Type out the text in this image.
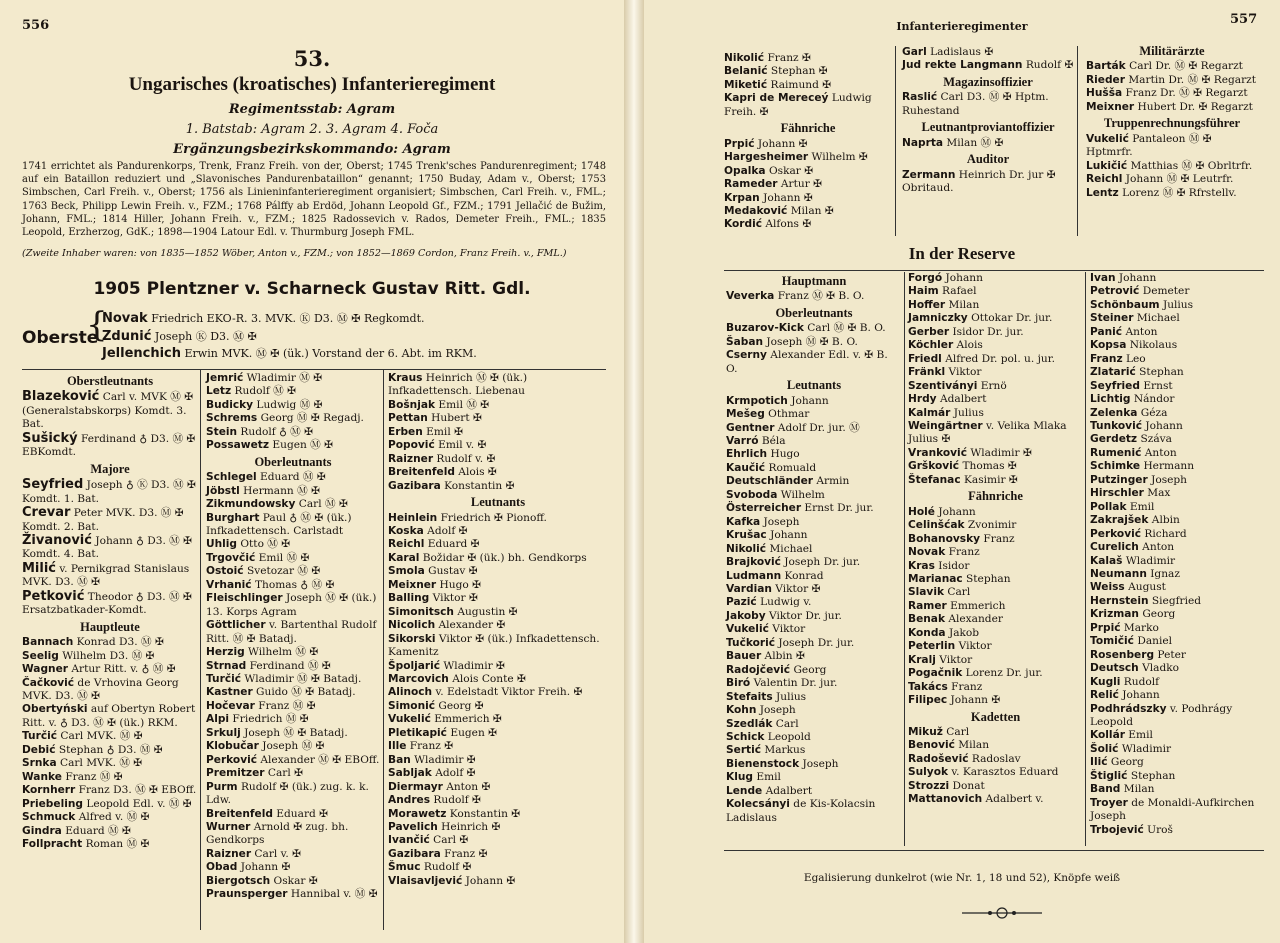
556
53.
Ungarisches (kroatisches) Infanterieregiment
Regimentsstab: Agram
1. Batstab: Agram 2. 3. Agram 4. Foča
Ergänzungsbezirkskommando: Agram
1741 errichtet als Pandurenkorps, Trenk, Franz Freih. von der, Oberst; 1745 Trenk'sches Pandurenregiment; 1748 auf ein Bataillon reduziert und „Slavonisches Pandurenbataillon“ genannt; 1750 Buday, Adam v., Oberst; 1753 Simbschen, Carl Freih. v., Oberst; 1756 als Linieninfanterieregiment organisiert; Simbschen, Carl Freih. v., FML.; 1763 Beck, Philipp Lewin Freih. v., FZM.; 1768 Pálffy ab Erdöd, Johann Leopold Gf., FZM.; 1791 Jellačić de Bužim, Johann, FML.; 1814 Hiller, Johann Freih. v., FZM.; 1825 Radossevich v. Rados, Demeter Freih., FML.; 1835 Leopold, Erzherzog, GdK.; 1898—1904 Latour Edl. v. Thurmburg Joseph FML.
(Zweite Inhaber waren: von 1835—1852 Wöber, Anton v., FZM.; von 1852—1869 Cordon, Franz Freih. v., FML.)
1905 Plentzner v. Scharneck Gustav Ritt. Gdl.
Oberste
{
Novak Friedrich EKO-R. 3. MVK. Ⓚ D3. Ⓜ ✠ Regkomdt.
Zdunić Joseph Ⓚ D3. Ⓜ ✠
Jellenchich Erwin MVK. Ⓜ ✠ (ük.) Vorstand der 6. Abt. im RKM.
Oberstleutnants
Blazeković Carl v. MVK Ⓜ ✠ (Generalstabskorps) Komdt. 3. Bat.
Sušický Ferdinand ♁ D3. Ⓜ ✠ EBKomdt.
Majore
Seyfried Joseph ♁ Ⓚ D3. Ⓜ ✠ Komdt. 1. Bat.
Crevar Peter MVK. D3. Ⓜ ✠ Komdt. 2. Bat.
Živanović Johann ♁ D3. Ⓜ ✠ Komdt. 4. Bat.
Milić v. Pernikgrad Stanislaus MVK. D3. Ⓜ ✠
Petković Theodor ♁ D3. Ⓜ ✠ Ersatzbatkader-Komdt.
Hauptleute
Bannach Konrad D3. Ⓜ ✠
Seelig Wilhelm D3. Ⓜ ✠
Wagner Artur Ritt. v. ♁ Ⓜ ✠
Čačković de Vrhovina Georg MVK. D3. Ⓜ ✠
Obertyński auf Obertyn Robert Ritt. v. ♁ D3. Ⓜ ✠ (ük.) RKM.
Turčić Carl MVK. Ⓜ ✠
Debić Stephan ♁ D3. Ⓜ ✠
Srnka Carl MVK. Ⓜ ✠
Wanke Franz Ⓜ ✠
Kornherr Franz D3. Ⓜ ✠ EBOff.
Priebeling Leopold Edl. v. Ⓜ ✠
Schmuck Alfred v. Ⓜ ✠
Gindra Eduard Ⓜ ✠
Follpracht Roman Ⓜ ✠
Jemrić Wladimir Ⓜ ✠
Letz Rudolf Ⓜ ✠
Budicky Ludwig Ⓜ ✠
Schrems Georg Ⓜ ✠ Regadj.
Stein Rudolf ♁ Ⓜ ✠
Possawetz Eugen Ⓜ ✠
Oberleutnants
Schlegel Eduard Ⓜ ✠
Jöbstl Hermann Ⓜ ✠
Zikmundowsky Carl Ⓜ ✠
Burghart Paul ♁ Ⓜ ✠ (ük.) Infkadettensch. Carlstadt
Uhlig Otto Ⓜ ✠
Trgovčić Emil Ⓜ ✠
Ostoić Svetozar Ⓜ ✠
Vrhanić Thomas ♁ Ⓜ ✠
Fleischlinger Joseph Ⓜ ✠ (ük.) 13. Korps Agram
Göttlicher v. Bartenthal Rudolf Ritt. Ⓜ ✠ Batadj.
Herzig Wilhelm Ⓜ ✠
Strnad Ferdinand Ⓜ ✠
Turčić Wladimir Ⓜ ✠ Batadj.
Kastner Guido Ⓜ ✠ Batadj.
Hočevar Franz Ⓜ ✠
Alpi Friedrich Ⓜ ✠
Srkulj Joseph Ⓜ ✠ Batadj.
Klobučar Joseph Ⓜ ✠
Perković Alexander Ⓜ ✠ EBOff.
Premitzer Carl ✠
Purm Rudolf ✠ (ük.) zug. k. k. Ldw.
Breitenfeld Eduard ✠
Wurner Arnold ✠ zug. bh. Gendkorps
Raizner Carl v. ✠
Obad Johann ✠
Biergotsch Oskar ✠
Praunsperger Hannibal v. Ⓜ ✠
Kraus Heinrich Ⓜ ✠ (ük.) Infkadettensch. Liebenau
Bošnjak Emil Ⓜ ✠
Pettan Hubert ✠
Erben Emil ✠
Popović Emil v. ✠
Raizner Rudolf v. ✠
Breitenfeld Alois ✠
Gazibara Konstantin ✠
Leutnants
Heinlein Friedrich ✠ Pionoff.
Koska Adolf ✠
Reichl Eduard ✠
Karal Božidar ✠ (ük.) bh. Gendkorps
Smola Gustav ✠
Meixner Hugo ✠
Balling Viktor ✠
Simonitsch Augustin ✠
Nicolich Alexander ✠
Sikorski Viktor ✠ (ük.) Infkadettensch. Kamenitz
Špoljarić Wladimir ✠
Marcovich Alois Conte ✠
Alinoch v. Edelstadt Viktor Freih. ✠
Simonić Georg ✠
Vukelić Emmerich ✠
Pletikapić Eugen ✠
Ille Franz ✠
Ban Wladimir ✠
Sabljak Adolf ✠
Diermayr Anton ✠
Andres Rudolf ✠
Morawetz Konstantin ✠
Pavelich Heinrich ✠
Ivančić Carl ✠
Gazibara Franz ✠
Šmuc Rudolf ✠
Vlaisavljević Johann ✠
Infanterieregimenter	557
Nikolić Franz ✠
Belanić Stephan ✠
Miketić Raimund ✠
Kapri de Mereceý Ludwig Freih. ✠
Fähnriche
Prpić Johann ✠
Hargesheimer Wilhelm ✠
Opalka Oskar ✠
Rameder Artur ✠
Krpan Johann ✠
Medaković Milan ✠
Kordić Alfons ✠
Garl Ladislaus ✠
Jud rekte Langmann Rudolf ✠
Magazinsoffizier
Raslić Carl D3. Ⓜ ✠ Hptm. Ruhestand
Leutnantproviantoffizier
Naprta Milan Ⓜ ✠
Auditor
Zermann Heinrich Dr. jur ✠ Obritaud.
Militärärzte
Barták Carl Dr. Ⓜ ✠ Regarzt
Rieder Martin Dr. Ⓜ ✠ Regarzt
Hušša Franz Dr. Ⓜ ✠ Regarzt
Meixner Hubert Dr. ✠ Regarzt
Truppenrechnungsführer
Vukelić Pantaleon Ⓜ ✠ Hptmrfr.
Lukičić Matthias Ⓜ ✠ Obrltrfr.
Reichl Johann Ⓜ ✠ Leutrfr.
Lentz Lorenz Ⓜ ✠ Rfrstellv.
In der Reserve
Hauptmann
Veverka Franz Ⓜ ✠ B. O.
Oberleutnants
Buzarov-Kick Carl Ⓜ ✠ B. O.
Šaban Joseph Ⓜ ✠ B. O.
Cserny Alexander Edl. v. ✠ B. O.
Leutnants
Krmpotich Johann
Mešeg Othmar
Gentner Adolf Dr. jur. Ⓜ
Varró Béla
Ehrlich Hugo
Kaučić Romuald
Deutschländer Armin
Svoboda Wilhelm
Österreicher Ernst Dr. jur.
Kafka Joseph
Krušac Johann
Nikolić Michael
Brajković Joseph Dr. jur.
Ludmann Konrad
Vardian Viktor ✠
Pazić Ludwig v.
Jakoby Viktor Dr. jur.
Vukelić Viktor
Tučkorić Joseph Dr. jur.
Bauer Albin ✠
Radojčević Georg
Biró Valentin Dr. jur.
Stefaits Julius
Kohn Joseph
Szedlák Carl
Schick Leopold
Sertić Markus
Bienenstock Joseph
Klug Emil
Lende Adalbert
Kolecsányi de Kis-Kolacsin Ladislaus
Forgó Johann
Haim Rafael
Hoffer Milan
Jamniczky Ottokar Dr. jur.
Gerber Isidor Dr. jur.
Köchler Alois
Friedl Alfred Dr. pol. u. jur.
Fränkl Viktor
Szentiványi Ernö
Hrdy Adalbert
Kalmár Julius
Weingärtner v. Velika Mlaka Julius ✠
Vranković Wladimir ✠
Gršković Thomas ✠
Štefanac Kasimir ✠
Fähnriche
Holé Johann
Celinšćak Zvonimir
Bohanovsky Franz
Novak Franz
Kras Isidor
Marianac Stephan
Slavik Carl
Ramer Emmerich
Benak Alexander
Konda Jakob
Peterlin Viktor
Kralj Viktor
Pogačnik Lorenz Dr. jur.
Takács Franz
Filipec Johann ✠
Kadetten
Mikuž Carl
Benović Milan
Radošević Radoslav
Sulyok v. Karasztos Eduard
Strozzi Donat
Mattanovich Adalbert v.
Ivan Johann
Petrović Demeter
Schönbaum Julius
Steiner Michael
Panić Anton
Kopsa Nikolaus
Franz Leo
Zlatarić Stephan
Seyfried Ernst
Lichtig Nándor
Zelenka Géza
Tunković Johann
Gerdetz Száva
Rumenić Anton
Schimke Hermann
Putzinger Joseph
Hirschler Max
Pollak Emil
Zakrajšek Albin
Perković Richard
Curelich Anton
Kalaš Wladimir
Neumann Ignaz
Weiss August
Hernstein Siegfried
Krizman Georg
Prpić Marko
Tomičić Daniel
Rosenberg Peter
Deutsch Vladko
Kugli Rudolf
Relić Johann
Podhrádszky v. Podhrágy Leopold
Kollár Emil
Šolić Wladimir
Ilić Georg
Štiglić Stephan
Band Milan
Troyer de Monaldi-Aufkirchen Joseph
Trbojević Uroš
Egalisierung dunkelrot (wie Nr. 1, 18 und 52), Knöpfe weiß
